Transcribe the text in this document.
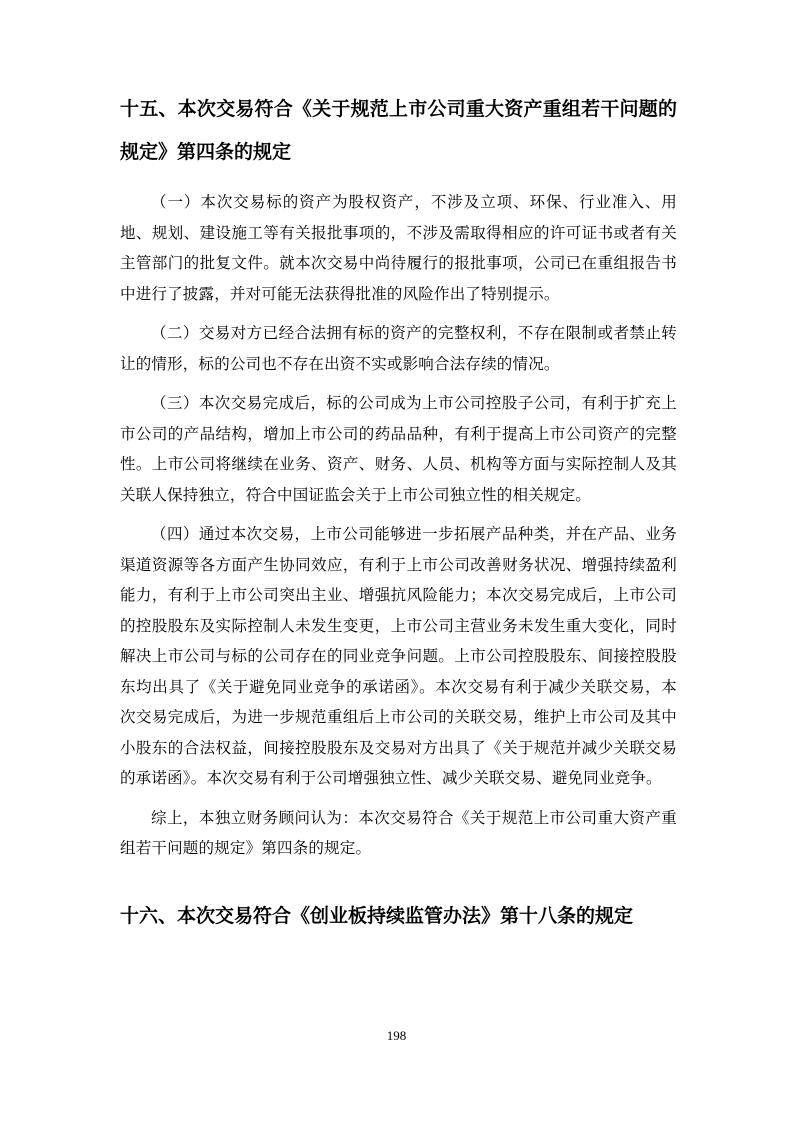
十五、本次交易符合《关于规范上市公司重大资产重组若干问题的规定》第四条的规定

（一）本次交易标的资产为股权资产，不涉及立项、环保、行业准入、用地、规划、建设施工等有关报批事项的，不涉及需取得相应的许可证书或者有关主管部门的批复文件。就本次交易中尚待履行的报批事项，公司已在重组报告书中进行了披露，并对可能无法获得批准的风险作出了特别提示。

（二）交易对方已经合法拥有标的资产的完整权利，不存在限制或者禁止转让的情形，标的公司也不存在出资不实或影响合法存续的情况。

（三）本次交易完成后，标的公司成为上市公司控股子公司，有利于扩充上市公司的产品结构，增加上市公司的药品品种，有利于提高上市公司资产的完整性。上市公司将继续在业务、资产、财务、人员、机构等方面与实际控制人及其关联人保持独立，符合中国证监会关于上市公司独立性的相关规定。

（四）通过本次交易，上市公司能够进一步拓展产品种类，并在产品、业务渠道资源等各方面产生协同效应，有利于上市公司改善财务状况、增强持续盈利能力，有利于上市公司突出主业、增强抗风险能力；本次交易完成后，上市公司的控股股东及实际控制人未发生变更，上市公司主营业务未发生重大变化，同时解决上市公司与标的公司存在的同业竞争问题。上市公司控股股东、间接控股股东均出具了《关于避免同业竞争的承诺函》。本次交易有利于减少关联交易，本次交易完成后，为进一步规范重组后上市公司的关联交易，维护上市公司及其中小股东的合法权益，间接控股股东及交易对方出具了《关于规范并减少关联交易的承诺函》。本次交易有利于公司增强独立性、减少关联交易、避免同业竞争。

综上，本独立财务顾问认为：本次交易符合《关于规范上市公司重大资产重组若干问题的规定》第四条的规定。

十六、本次交易符合《创业板持续监管办法》第十八条的规定
198
